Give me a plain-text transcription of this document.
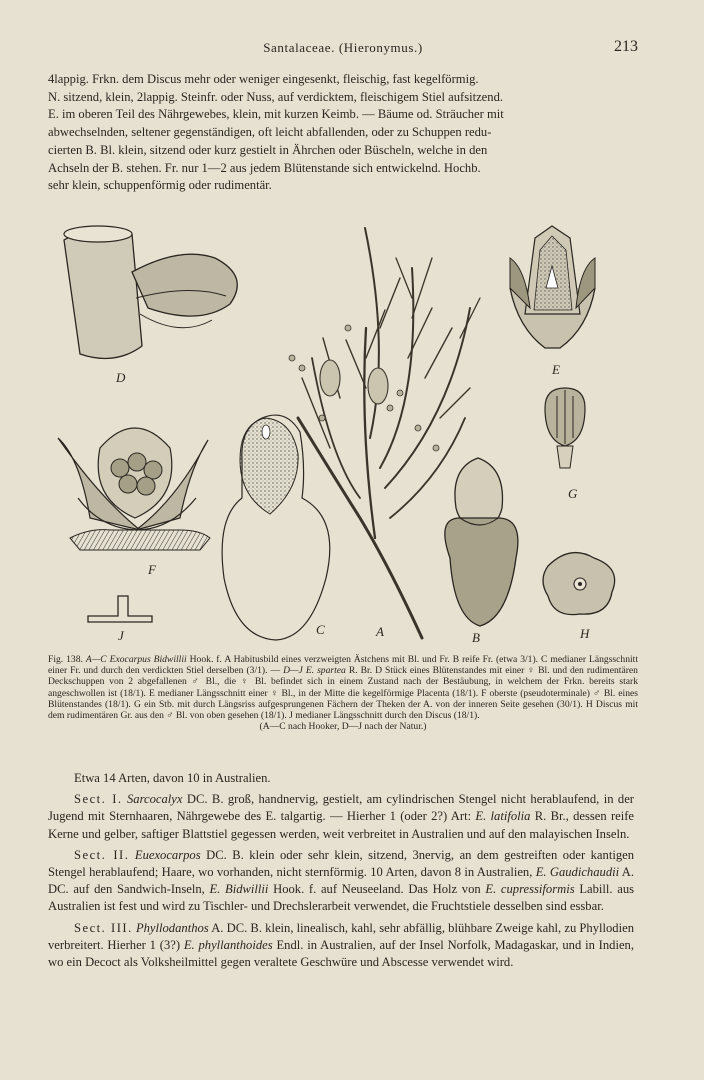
Santalaceae. (Hieronymus.)	213

4lappig. Frkn. dem Discus mehr oder weniger eingesenkt, fleischig, fast kegelförmig.

N. sitzend, klein, 2lappig. Steinfr. oder Nuss, auf verdicktem, fleischigem Stiel aufsitzend.

E. im oberen Teil des Nährgewebes, klein, mit kurzen Keimb. — Bäume od. Sträucher mit

abwechselnden, seltener gegenständigen, oft leicht abfallenden, oder zu Schuppen redu-

cierten B. Bl. klein, sitzend oder kurz gestielt in Ährchen oder Büscheln, welche in den

Achseln der B. stehen. Fr. nur 1—2 aus jedem Blütenstande sich entwickelnd. Hochb.

sehr klein, schuppenförmig oder rudimentär.

D
E
G
F
J	C	A	B	H
Fig. 138. A—C Exocarpus Bidwillii Hook. f. A Habitusbild eines verzweigten Ästchens mit Bl. und Fr. B reife Fr. (etwa 3/1). C medianer Längsschnitt einer Fr. und durch den verdickten Stiel derselben (3/1). — D—J E. spartea R. Br. D Stück eines Blütenstandes mit einer ♀ Bl. und den rudimentären Deckschuppen von 2 abgefallenen ♂ Bl., die ♀ Bl. befindet sich in einem Zustand nach der Bestäubung, in welchem der Frkn. bereits stark angeschwollen ist (18/1). E medianer Längsschnitt einer ♀ Bl., in der Mitte die kegelförmige Placenta (18/1). F oberste (pseudoterminale) ♂ Bl. eines Blütenstandes (18/1). G ein Stb. mit durch Längsriss aufgesprungenen Fächern der Theken der A. von der inneren Seite gesehen (30/1). H Discus mit dem rudimentären Gr. aus den ♂ Bl. von oben gesehen (18/1). J medianer Längsschnitt durch den Discus (18/1).
(A—C nach Hooker, D—J nach der Natur.)

Etwa 14 Arten, davon 10 in Australien.

Sect. I. Sarcocalyx DC. B. groß, handnervig, gestielt, am cylindrischen Stengel nicht herablaufend, in der Jugend mit Sternhaaren, Nährgewebe des E. talgartig. — Hierher 1 (oder 2?) Art: E. latifolia R. Br., dessen reife Kerne und gelber, saftiger Blattstiel gegessen werden, weit verbreitet in Australien und auf den malayischen Inseln.

Sect. II. Euexocarpos DC. B. klein oder sehr klein, sitzend, 3nervig, an dem gestreiften oder kantigen Stengel herablaufend; Haare, wo vorhanden, nicht sternförmig. 10 Arten, davon 8 in Australien, E. Gaudichaudii A. DC. auf den Sandwich-Inseln, E. Bidwillii Hook. f. auf Neuseeland. Das Holz von E. cupressiformis Labill. aus Australien ist fest und wird zu Tischler- und Drechslerarbeit verwendet, die Fruchtstiele desselben sind essbar.

Sect. III. Phyllodanthos A. DC. B. klein, linealisch, kahl, sehr abfällig, blühbare Zweige kahl, zu Phyllodien verbreitert. Hierher 1 (3?) E. phyllanthoides Endl. in Australien, auf der Insel Norfolk, Madagaskar, und in Indien, wo ein Decoct als Volksheilmittel gegen veraltete Geschwüre und Abscesse verwendet wird.
